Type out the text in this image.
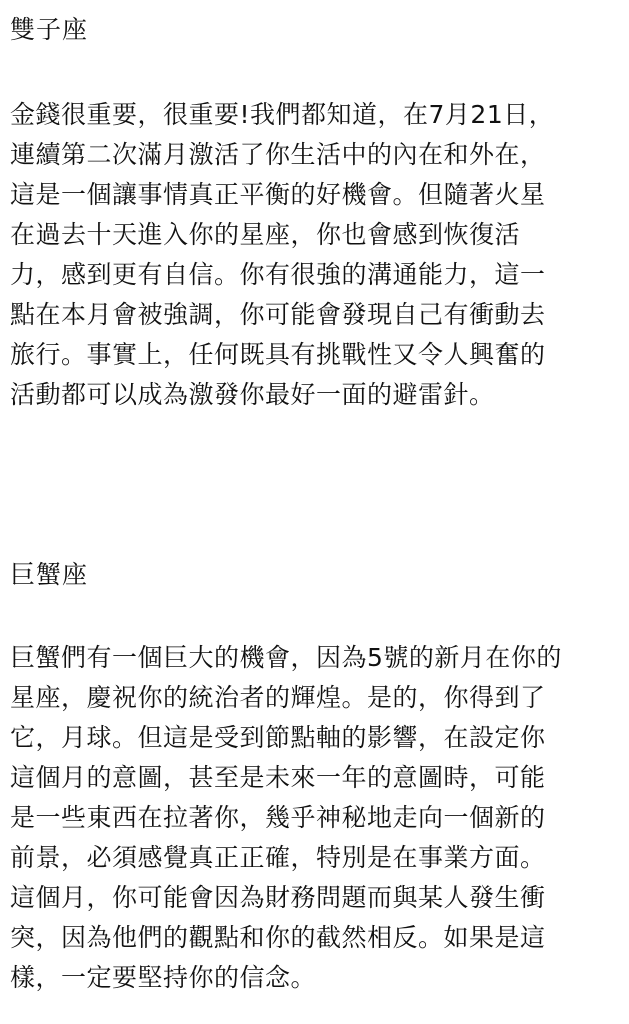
雙子座

金錢很重要，很重要!我們都知道，在7月21日，
連續第二次滿月激活了你生活中的內在和外在，
這是一個讓事情真正平衡的好機會。但隨著火星
在過去十天進入你的星座，你也會感到恢復活
力，感到更有自信。你有很強的溝通能力，這一
點在本月會被強調，你可能會發現自己有衝動去
旅行。事實上，任何既具有挑戰性又令人興奮的
活動都可以成為激發你最好一面的避雷針。

巨蟹座

巨蟹們有一個巨大的機會，因為5號的新月在你的
星座，慶祝你的統治者的輝煌。是的，你得到了
它，月球。但這是受到節點軸的影響，在設定你
這個月的意圖，甚至是未來一年的意圖時，可能
是一些東西在拉著你，幾乎神秘地走向一個新的
前景，必須感覺真正正確，特別是在事業方面。
這個月，你可能會因為財務問題而與某人發生衝
突，因為他們的觀點和你的截然相反。如果是這
樣，一定要堅持你的信念。
